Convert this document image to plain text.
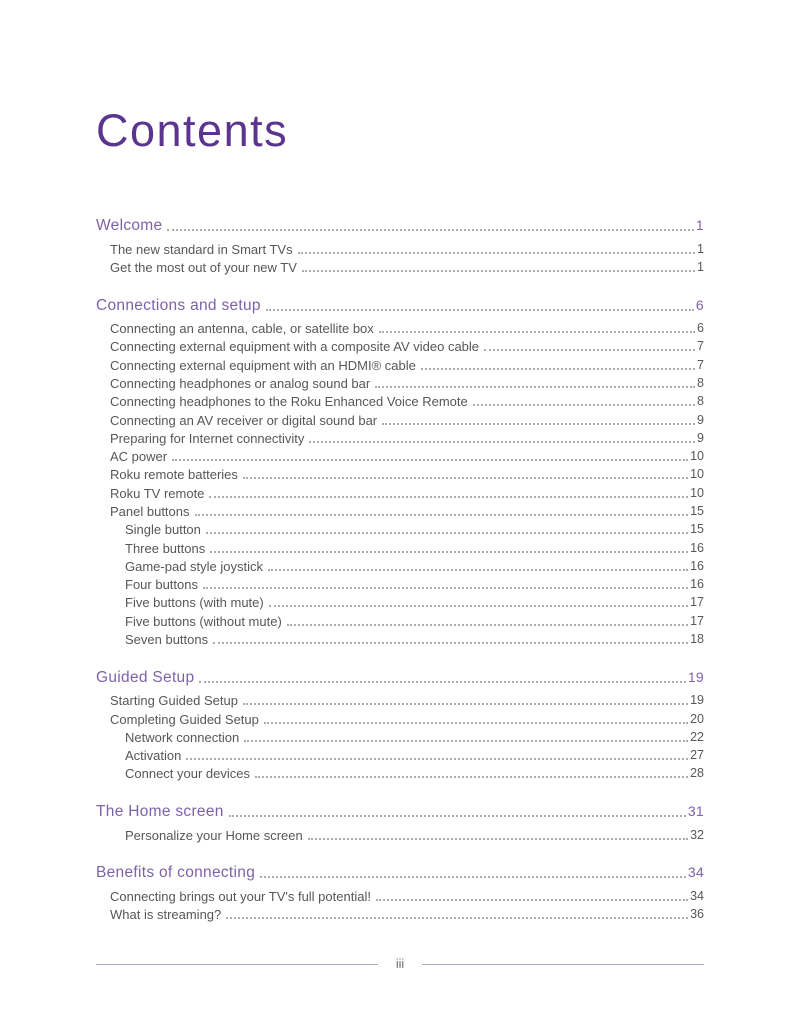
Contents
Welcome	1
The new standard in Smart TVs	1
Get the most out of your new TV	1
Connections and setup	6
Connecting an antenna, cable, or satellite box	6
Connecting external equipment with a composite AV video cable	7
Connecting external equipment with an HDMI® cable	7
Connecting headphones or analog sound bar	8
Connecting headphones to the Roku Enhanced Voice Remote	8
Connecting an AV receiver or digital sound bar	9
Preparing for Internet connectivity	9
AC power	10
Roku remote batteries	10
Roku TV remote	10
Panel buttons	15
Single button	15
Three buttons	16
Game-pad style joystick	16
Four buttons	16
Five buttons (with mute)	17
Five buttons (without mute)	17
Seven buttons	18
Guided Setup	19
Starting Guided Setup	19
Completing Guided Setup	20
Network connection	22
Activation	27
Connect your devices	28
The Home screen	31
Personalize your Home screen	32
Benefits of connecting	34
Connecting brings out your TV's full potential!	34
What is streaming?	36
iii
